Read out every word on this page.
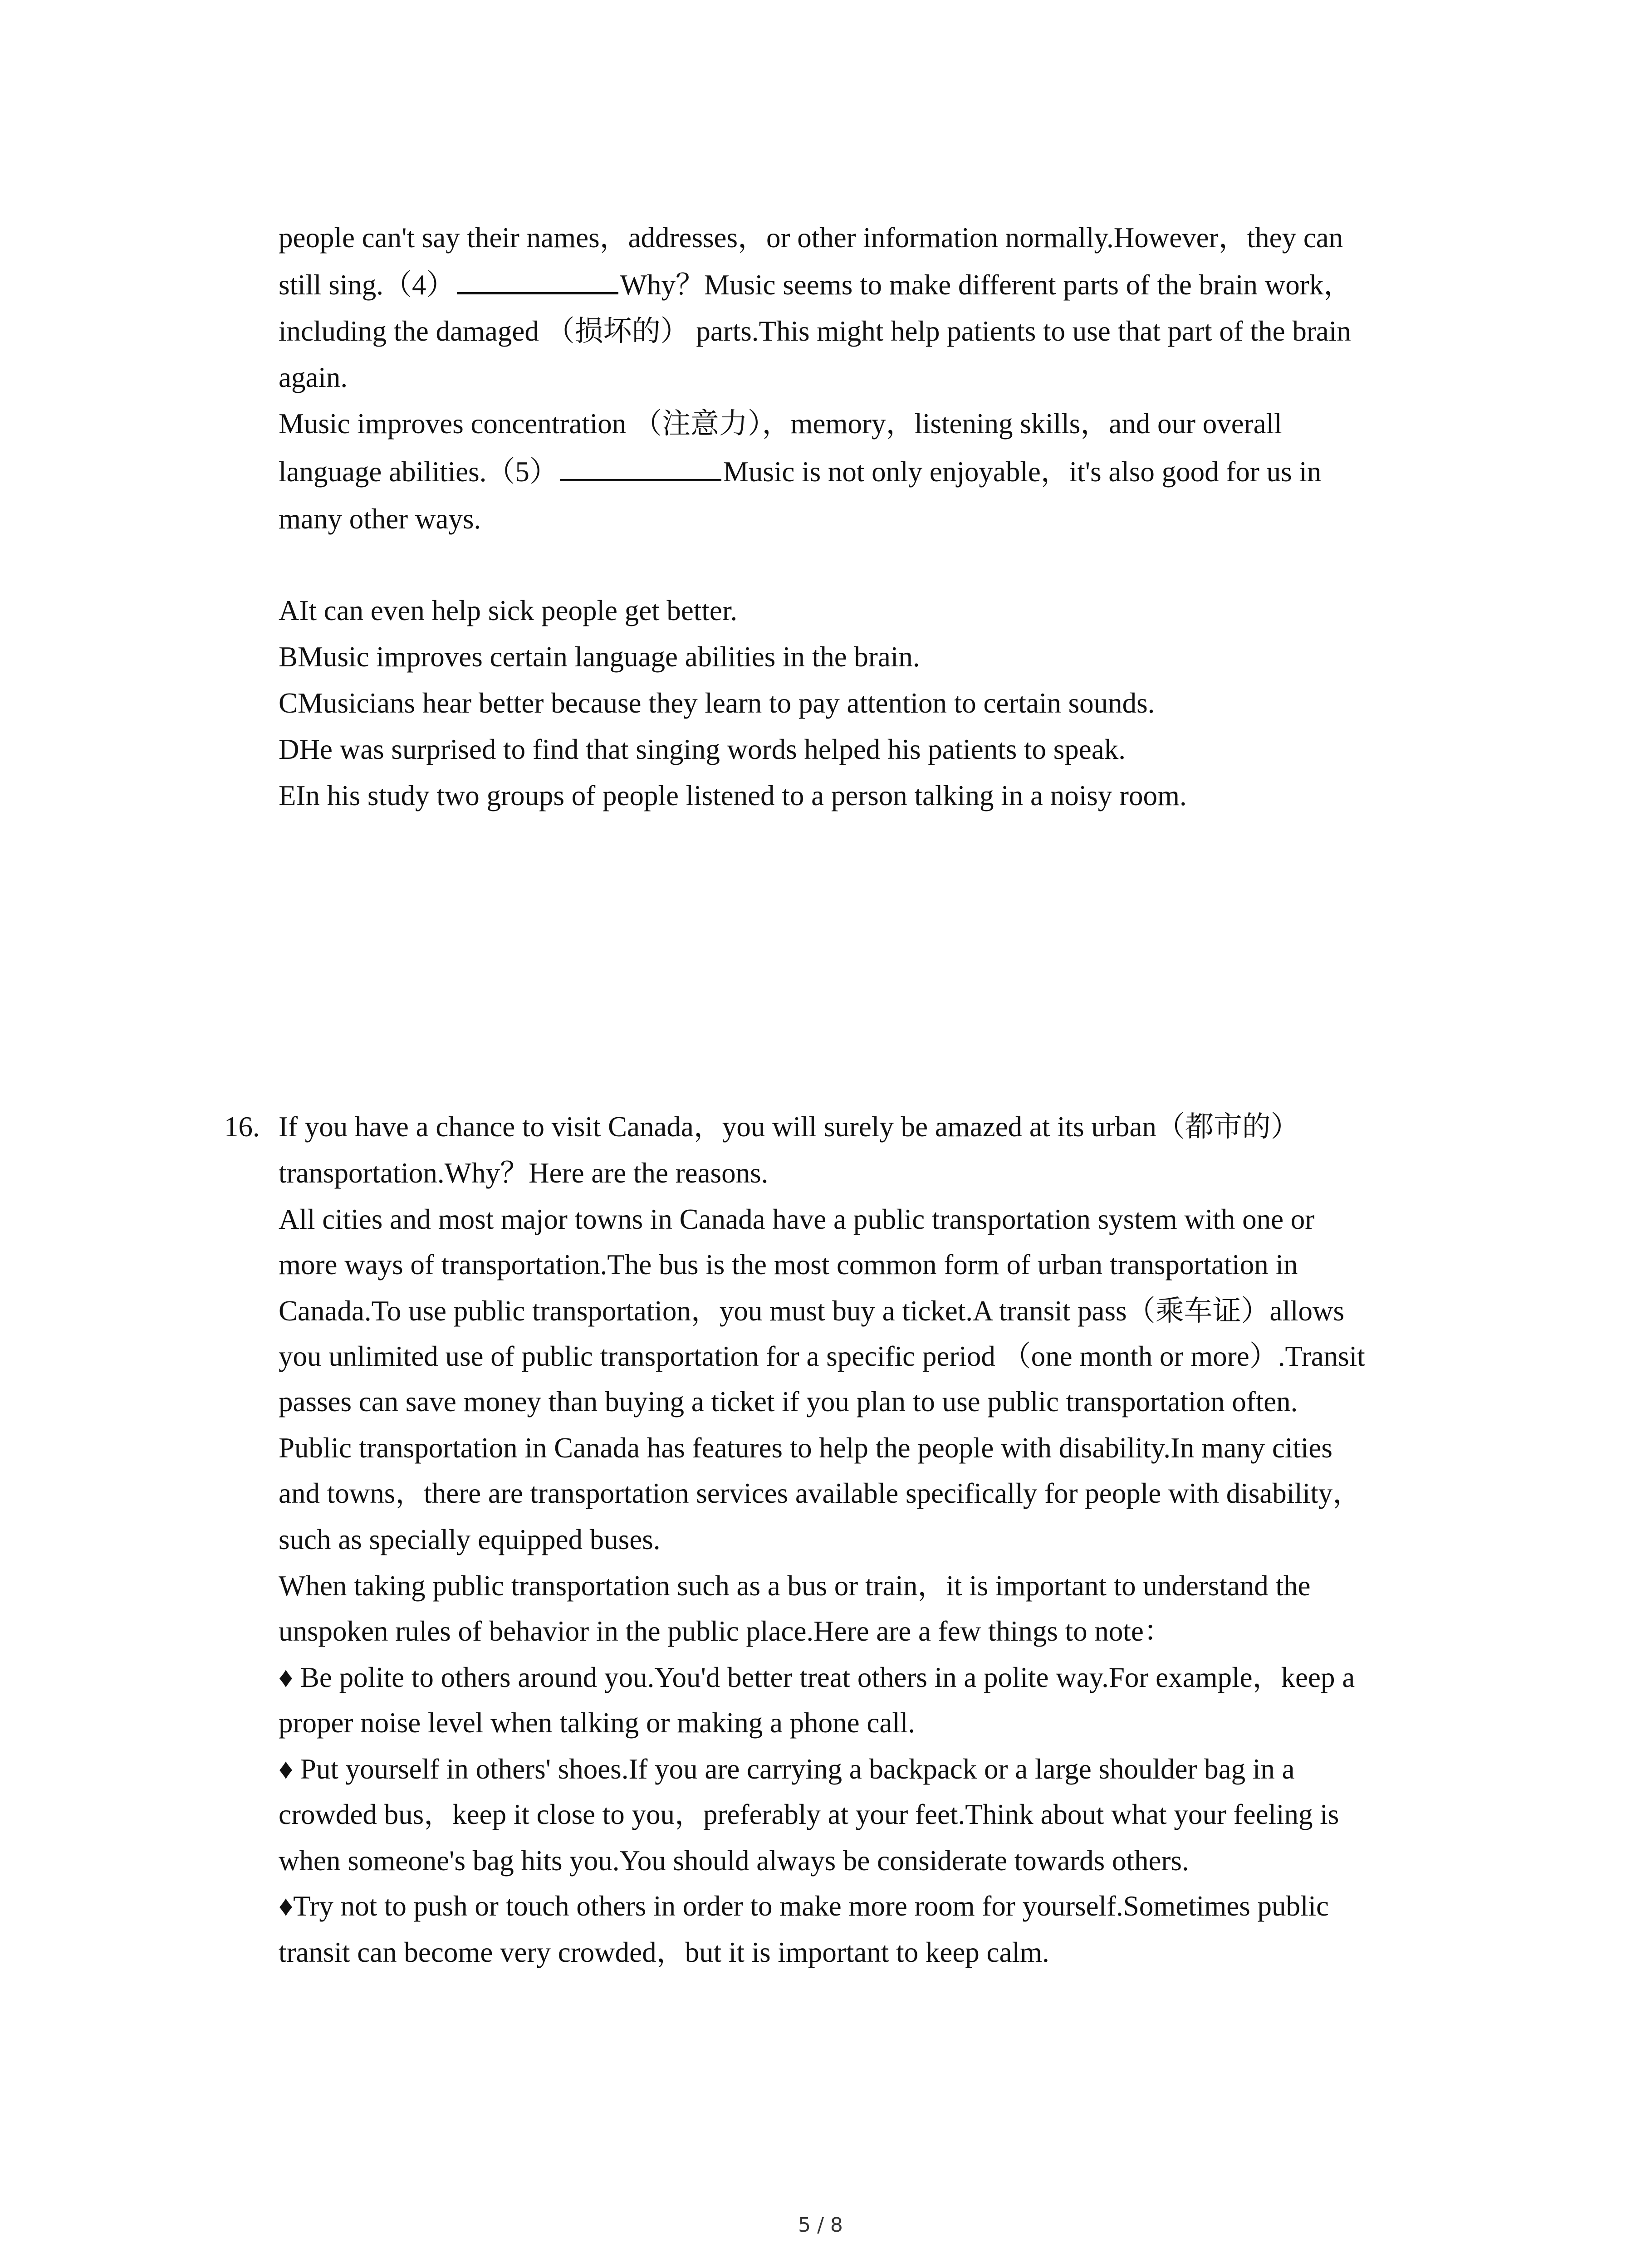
people can't say their names，addresses，or other information normally.However，they can
still sing.（4）	Why？Music seems to make different parts of the brain work，
including the damaged （损坏的） parts.This might help patients to use that part of the brain
again.
Music improves concentration （注意力），memory，listening skills，and our overall
language abilities.（5）	Music is not only enjoyable，it's also good for us in
many other ways.
AIt can even help sick people get better.
BMusic improves certain language abilities in the brain.
CMusicians hear better because they learn to pay attention to certain sounds.
DHe was surprised to find that singing words helped his patients to speak.
EIn his study two groups of people listened to a person talking in a noisy room.
16. If you have a chance to visit Canada，you will surely be amazed at its urban（都市的）
transportation.Why？Here are the reasons.
All cities and most major towns in Canada have a public transportation system with one or
more ways of transportation.The bus is the most common form of urban transportation in
Canada.To use public transportation，you must buy a ticket.A transit pass（乘车证）allows
you unlimited use of public transportation for a specific period （one month or more）.Transit
passes can save money than buying a ticket if you plan to use public transportation often.
Public transportation in Canada has features to help the people with disability.In many cities
and towns，there are transportation services available specifically for people with disability，
such as specially equipped buses.
When taking public transportation such as a bus or train，it is important to understand the
unspoken rules of behavior in the public place.Here are a few things to note：
♦ Be polite to others around you.You'd better treat others in a polite way.For example，keep a
proper noise level when talking or making a phone call.
♦ Put yourself in others' shoes.If you are carrying a backpack or a large shoulder bag in a
crowded bus，keep it close to you，preferably at your feet.Think about what your feeling is
when someone's bag hits you.You should always be considerate towards others.
♦Try not to push or touch others in order to make more room for yourself.Sometimes public
transit can become very crowded，but it is important to keep calm.
5 / 8
